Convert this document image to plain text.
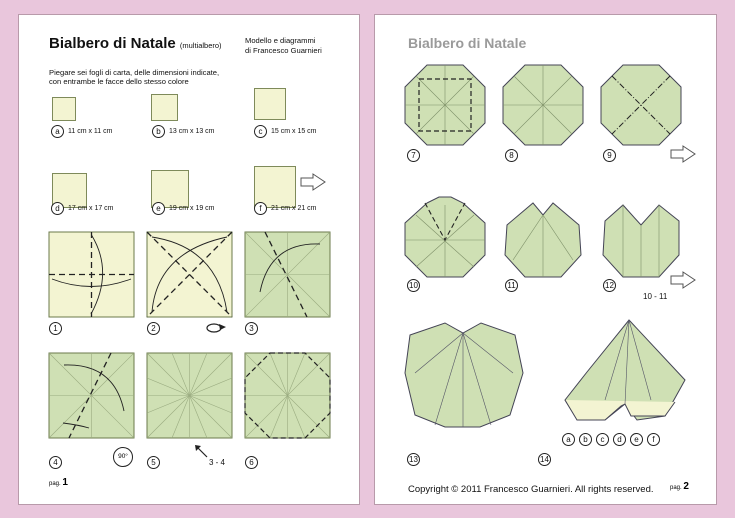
Bialbero di Natale (multialbero)
Modello e diagrammi
di Francesco Guarnieri
Piegare sei fogli di carta, delle dimensioni indicate,
con entrambe le facce dello stesso colore
a	11 cm x 11 cm	b	13 cm x 13 cm	c	15 cm x 15 cm
d	17 cm x 17 cm	e	19 cm x 19 cm	f	21 cm x 21 cm
1	2	3
4	5	6
90°
3 - 4
pag. 1
Bialbero di Natale
7	8	9
10	11	12
10 - 11
13	14
a	b	c	d	e	f
Copyright © 2011 Francesco Guarnieri. All rights reserved.	pag. 2
